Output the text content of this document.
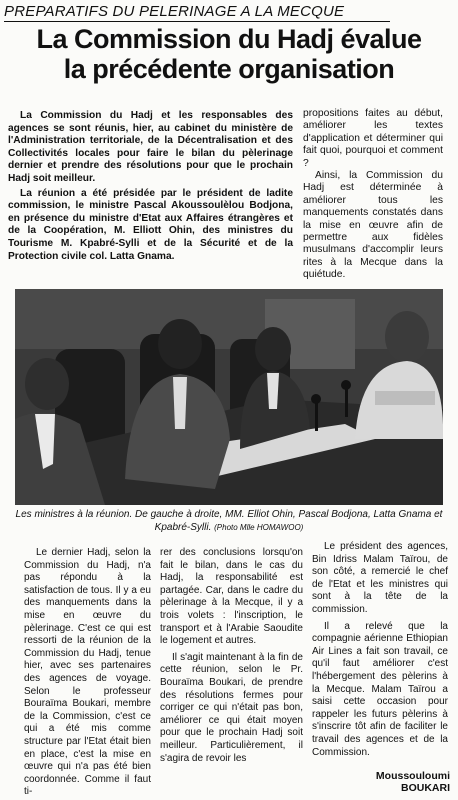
PREPARATIFS DU PELERINAGE A LA MECQUE
La Commission du Hadj évalue
la précédente organisation

La Commission du Hadj et les responsables des agences se sont réunis, hier, au cabinet du ministère de l'Administration territoriale, de la Décentralisation et des Collectivités locales pour faire le bilan du pèlerinage dernier et prendre des résolutions pour que le prochain Hadj soit meilleur.

La réunion a été présidée par le président de ladite commission, le ministre Pascal Akoussoulèlou Bodjona, en présence du ministre d'Etat aux Affaires étrangères et de la Coopération, M. Elliott Ohin, des ministres du Tourisme M. Kpabré-Sylli et de la Sécurité et de la Protection civile col. Latta Gnama.

propositions faites au début, améliorer les textes d'application et déterminer qui fait quoi, pourquoi et comment ?

Ainsi, la Commission du Hadj est déterminée à améliorer tous les manquements constatés dans la mise en œuvre afin de permettre aux fidèles musulmans d'accomplir leurs rites à la Mecque dans la quiétude.

Les ministres à la réunion. De gauche à droite, MM. Elliot Ohin, Pascal Bodjona, Latta Gnama et Kpabré-Sylli. (Photo Mlle HOMAWOO)

Le dernier Hadj, selon la Commission du Hadj, n'a pas répondu à la satisfaction de tous. Il y a eu des manquements dans la mise en œuvre du pèlerinage. C'est ce qui est ressorti de la réunion de la Commission du Hadj, tenue hier, avec ses partenaires des agences de voyage. Selon le professeur Bouraïma Boukari, membre de la Commission, c'est ce qui a été mis comme structure par l'Etat était bien en place, c'est la mise en œuvre qui n'a pas été bien coordonnée. Comme il faut ti-

rer des conclusions lorsqu'on fait le bilan, dans le cas du Hadj, la responsabilité est partagée. Car, dans le cadre du pèlerinage à la Mecque, il y a trois volets : l'inscription, le transport et à l'Arabie Saoudite le logement et autres.

Il s'agit maintenant à la fin de cette réunion, selon le Pr. Bouraïma Boukari, de prendre des résolutions fermes pour corriger ce qui n'était pas bon, améliorer ce qui était moyen pour que le prochain Hadj soit meilleur. Particulièrement, il s'agira de revoir les

Le président des agences, Bin Idriss Malam Taïrou, de son côté, a remercié le chef de l'Etat et les ministres qui sont à la tête de la commission.

Il a relevé que la compagnie aérienne Ethiopian Air Lines a fait son travail, ce qu'il faut améliorer c'est l'hébergement des pèlerins à la Mecque. Malam Taïrou a saisi cette occasion pour rappeler les futurs pèlerins à s'inscrire tôt afin de faciliter le travail des agences et de la Commission.

Moussouloumi
BOUKARI
